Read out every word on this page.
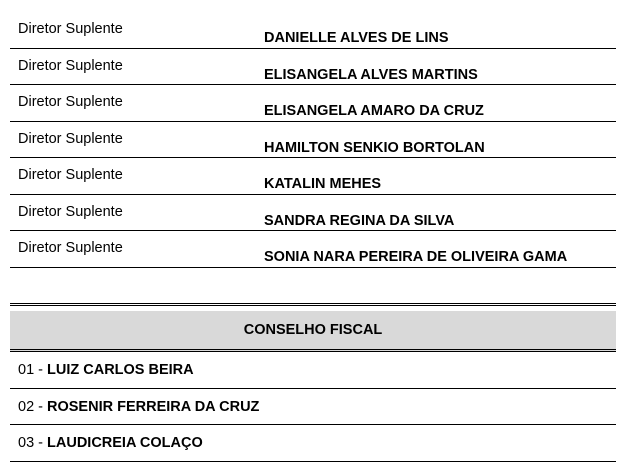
Diretor Suplente
DANIELLE ALVES DE LINS
Diretor Suplente
ELISANGELA ALVES MARTINS
Diretor Suplente
ELISANGELA AMARO DA CRUZ
Diretor Suplente
HAMILTON SENKIO BORTOLAN
Diretor Suplente
KATALIN MEHES
Diretor Suplente
SANDRA REGINA DA SILVA
Diretor Suplente
SONIA NARA PEREIRA DE OLIVEIRA GAMA
CONSELHO FISCAL
01 - LUIZ CARLOS BEIRA
02 - ROSENIR FERREIRA DA CRUZ
03 - LAUDICREIA COLAÇO
